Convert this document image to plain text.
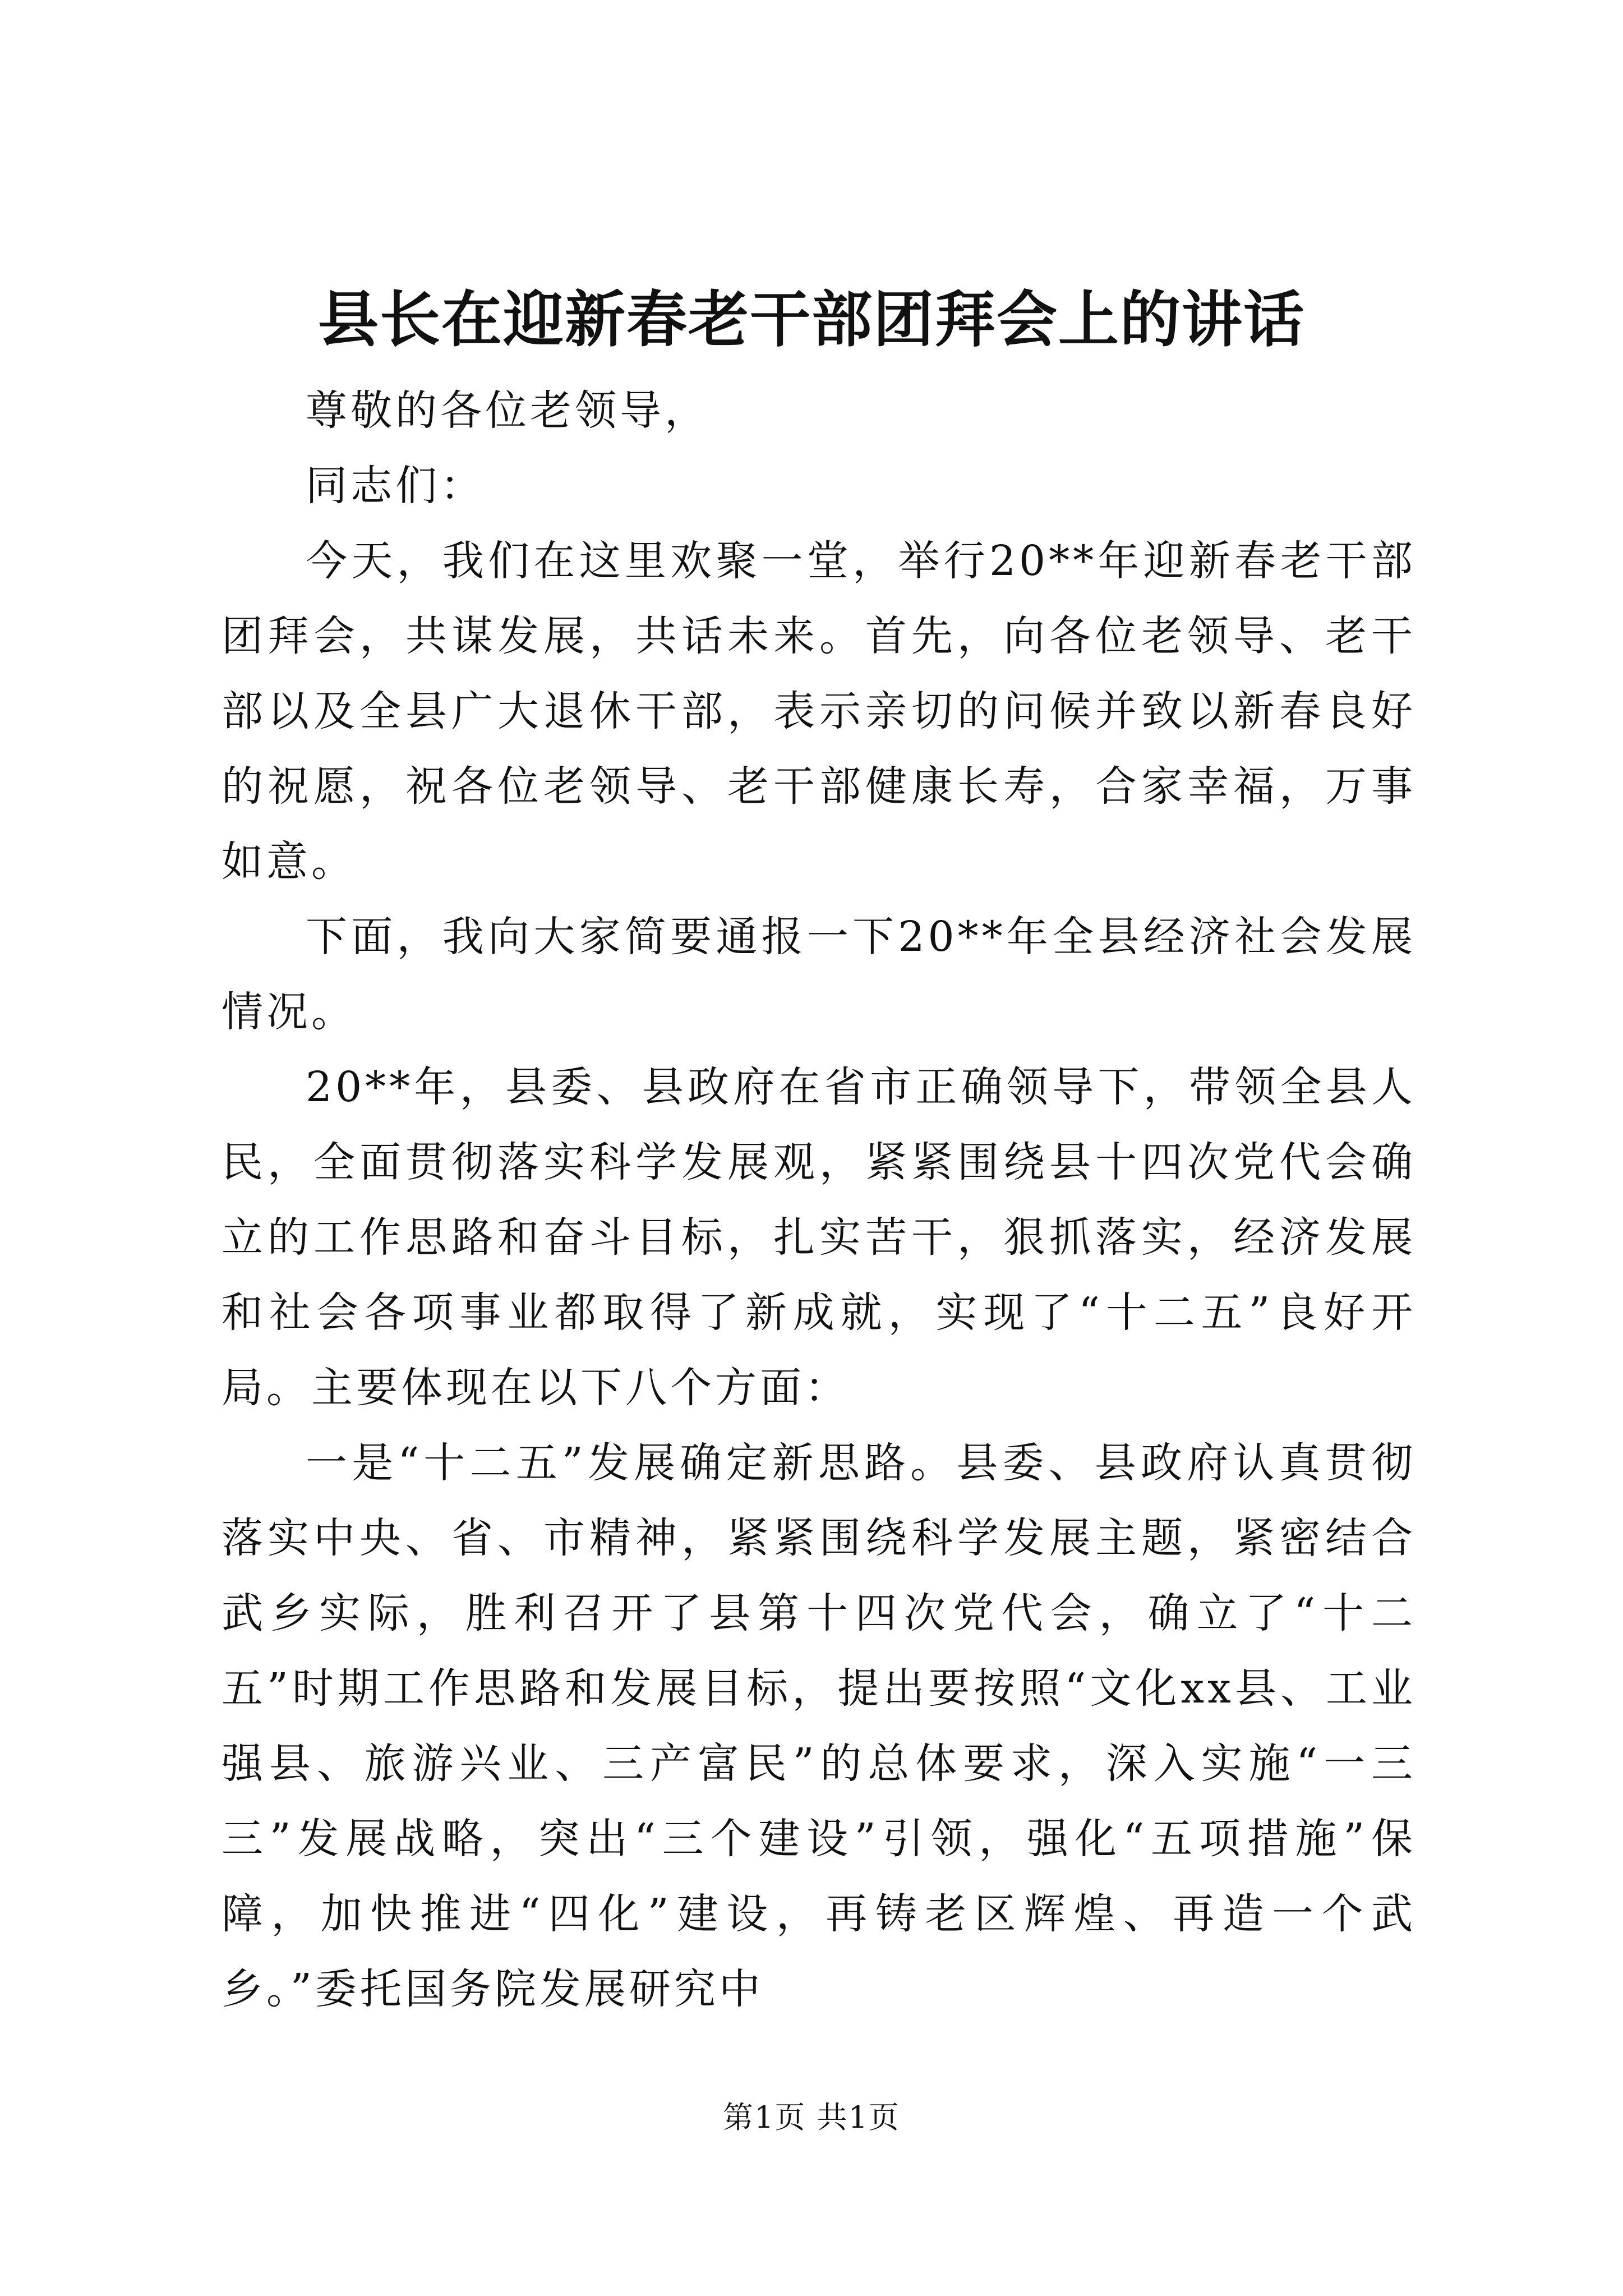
县长在迎新春老干部团拜会上的讲话

尊敬的各位老领导，

同志们：

今天，我们在这里欢聚一堂，举行20**年迎新春老干部团拜会，共谋发展，共话未来。首先，向各位老领导、老干部以及全县广大退休干部，表示亲切的问候并致以新春良好的祝愿，祝各位老领导、老干部健康长寿，合家幸福，万事如意。

下面，我向大家简要通报一下20**年全县经济社会发展情况。

20**年，县委、县政府在省市正确领导下，带领全县人民，全面贯彻落实科学发展观，紧紧围绕县十四次党代会确立的工作思路和奋斗目标，扎实苦干，狠抓落实，经济发展和社会各项事业都取得了新成就，实现了“十二五”良好开局。主要体现在以下八个方面：

一是“十二五”发展确定新思路。县委、县政府认真贯彻落实中央、省、市精神，紧紧围绕科学发展主题，紧密结合武乡实际，胜利召开了县第十四次党代会，确立了“十二五”时期工作思路和发展目标，提出要按照“文化xx县、工业强县、旅游兴业、三产富民”的总体要求，深入实施“一三三”发展战略，突出“三个建设”引领，强化“五项措施”保障，加快推进“四化”建设，再铸老区辉煌、再造一个武乡。”委托国务院发展研究中

第1页 共1页
